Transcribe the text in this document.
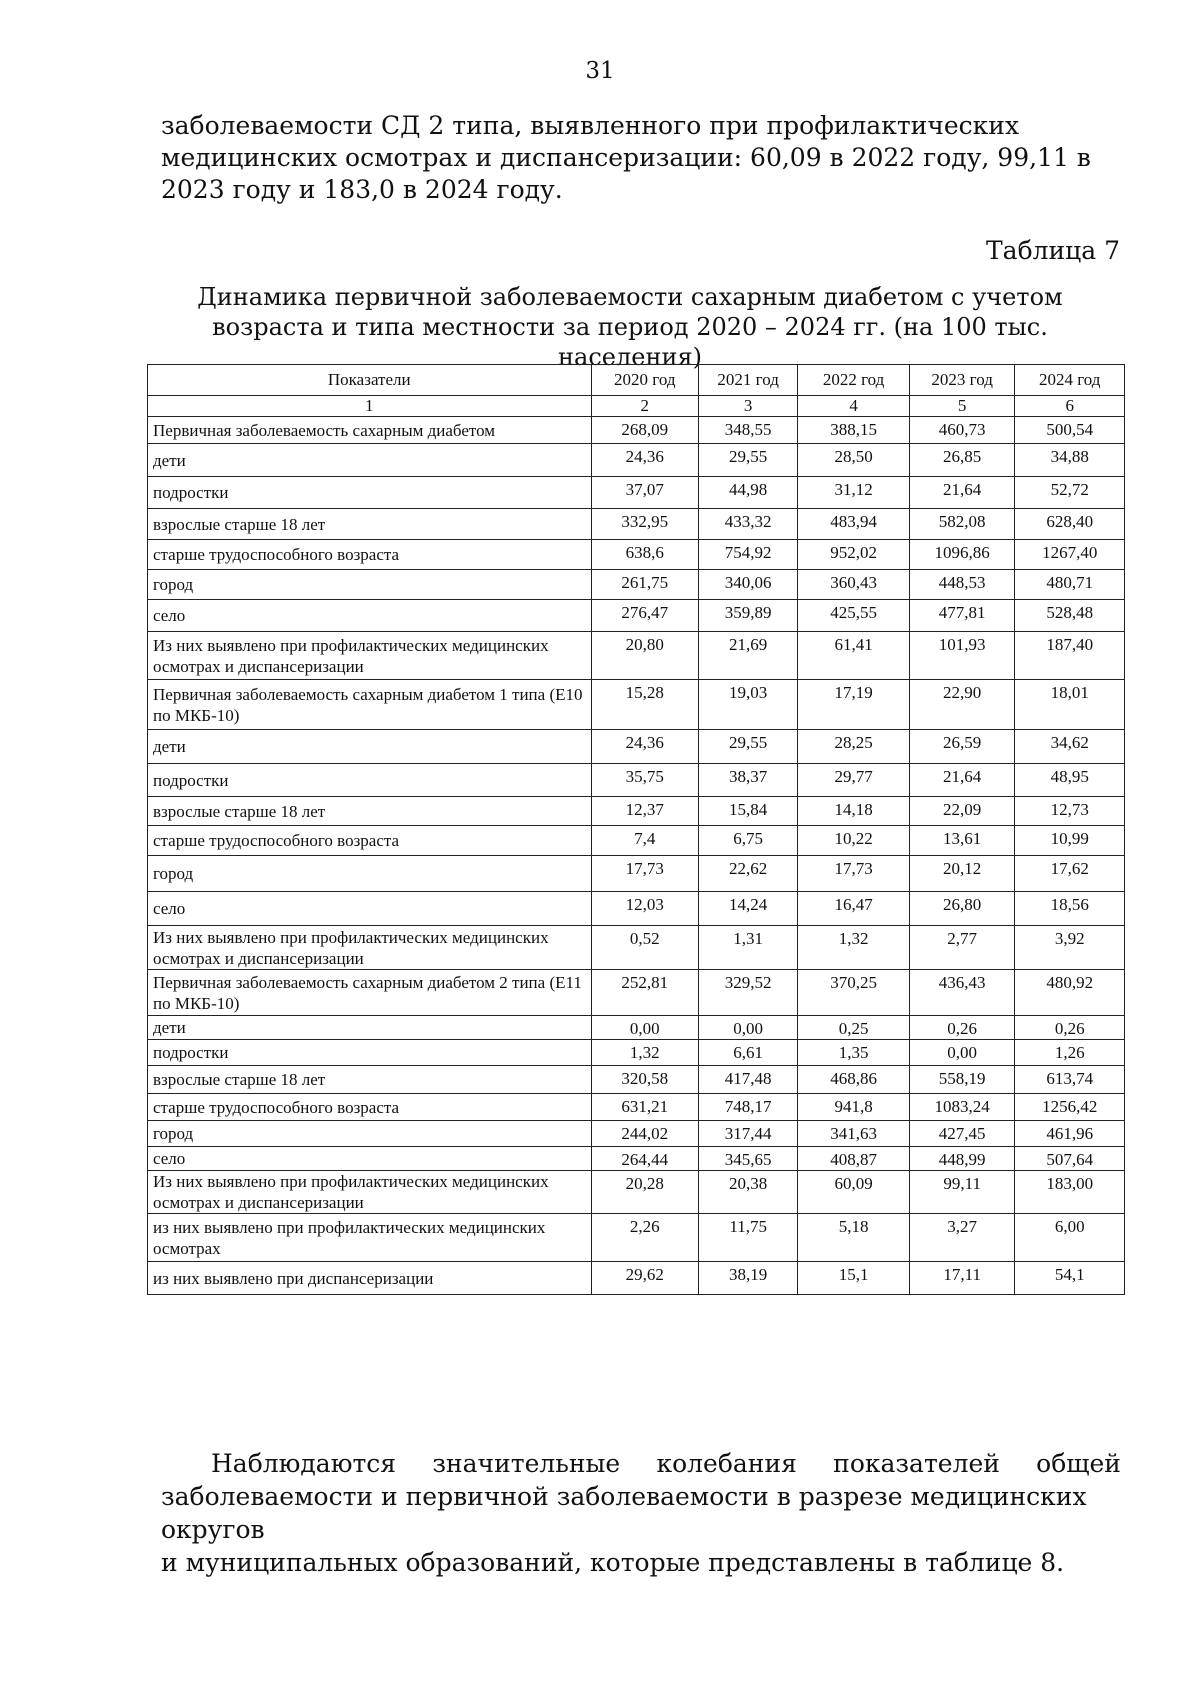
31

заболеваемости СД 2 типа, выявленного при профилактических медицинских осмотрах и диспансеризации: 60,09 в 2022 году, 99,11 в 2023 году и 183,0 в 2024 году.

Таблица 7
Динамика первичной заболеваемости сахарным диабетом с учетом
возраста и типа местности за период 2020 – 2024 гг. (на 100 тыс. населения)
Показатели	2020 год	2021 год	2022 год	2023 год	2024 год
1	2	3	4	5	6
Первичная заболеваемость сахарным диабетом	268,09	348,55	388,15	460,73	500,54
дети	24,36	29,55	28,50	26,85	34,88
подростки	37,07	44,98	31,12	21,64	52,72
взрослые старше 18 лет	332,95	433,32	483,94	582,08	628,40
старше трудоспособного возраста	638,6	754,92	952,02	1096,86	1267,40
город	261,75	340,06	360,43	448,53	480,71
село	276,47	359,89	425,55	477,81	528,48
Из них выявлено при профилактических медицинских осмотрах и диспансеризации	20,80	21,69	61,41	101,93	187,40
Первичная заболеваемость сахарным диабетом 1 типа (Е10 по МКБ-10)	15,28	19,03	17,19	22,90	18,01
дети	24,36	29,55	28,25	26,59	34,62
подростки	35,75	38,37	29,77	21,64	48,95
взрослые старше 18 лет	12,37	15,84	14,18	22,09	12,73
старше трудоспособного возраста	7,4	6,75	10,22	13,61	10,99
город	17,73	22,62	17,73	20,12	17,62
село	12,03	14,24	16,47	26,80	18,56
Из них выявлено при профилактических медицинских осмотрах и диспансеризации	0,52	1,31	1,32	2,77	3,92
Первичная заболеваемость сахарным диабетом 2 типа (Е11 по МКБ-10)	252,81	329,52	370,25	436,43	480,92
дети	0,00	0,00	0,25	0,26	0,26
подростки	1,32	6,61	1,35	0,00	1,26
взрослые старше 18 лет	320,58	417,48	468,86	558,19	613,74
старше трудоспособного возраста	631,21	748,17	941,8	1083,24	1256,42
город	244,02	317,44	341,63	427,45	461,96
село	264,44	345,65	408,87	448,99	507,64
Из них выявлено при профилактических медицинских осмотрах и диспансеризации	20,28	20,38	60,09	99,11	183,00
из них выявлено при профилактических медицинских осмотрах	2,26	11,75	5,18	3,27	6,00
из них выявлено при диспансеризации	29,62	38,19	15,1	17,11	54,1
Наблюдаются значительные колебания показателей общей
заболеваемости и первичной заболеваемости в разрезе медицинских округов
и муниципальных образований, которые представлены в таблице 8.
